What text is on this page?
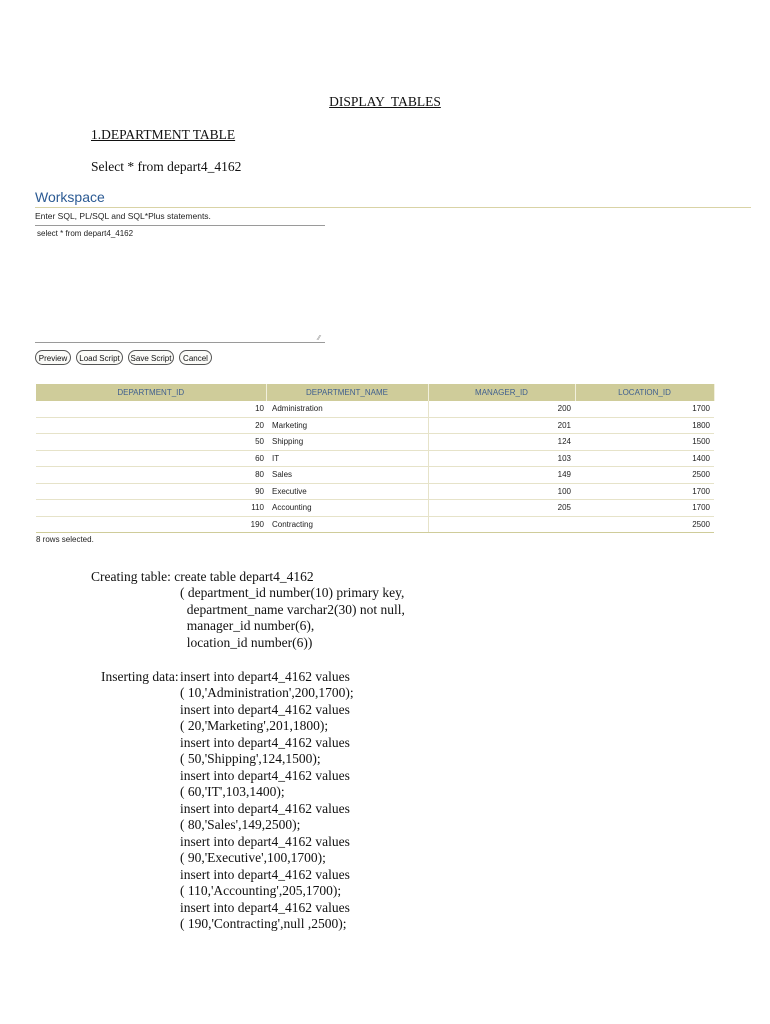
DISPLAY  TABLES
1.DEPARTMENT TABLE
Select * from depart4_4162
Workspace
Enter SQL, PL/SQL and SQL*Plus statements.
select * from depart4_4162
⁄⁄
Preview	Load Script	Save Script	Cancel
DEPARTMENT_ID	DEPARTMENT_NAME	MANAGER_ID	LOCATION_ID
10	Administration	200	1700
20	Marketing	201	1800
50	Shipping	124	1500
60	IT	103	1400
80	Sales	149	2500
90	Executive	100	1700
110	Accounting	205	1700
190	Contracting		2500
8 rows selected.
Creating table: create table depart4_4162
( department_id number(10) primary key,
department_name varchar2(30) not null,
manager_id number(6),
location_id number(6))
Inserting data: insert into depart4_4162 values
( 10,'Administration',200,1700);
insert into depart4_4162 values
( 20,'Marketing',201,1800);
insert into depart4_4162 values
( 50,'Shipping',124,1500);
insert into depart4_4162 values
( 60,'IT',103,1400);
insert into depart4_4162 values
( 80,'Sales',149,2500);
insert into depart4_4162 values
( 90,'Executive',100,1700);
insert into depart4_4162 values
( 110,'Accounting',205,1700);
insert into depart4_4162 values
( 190,'Contracting',null ,2500);
